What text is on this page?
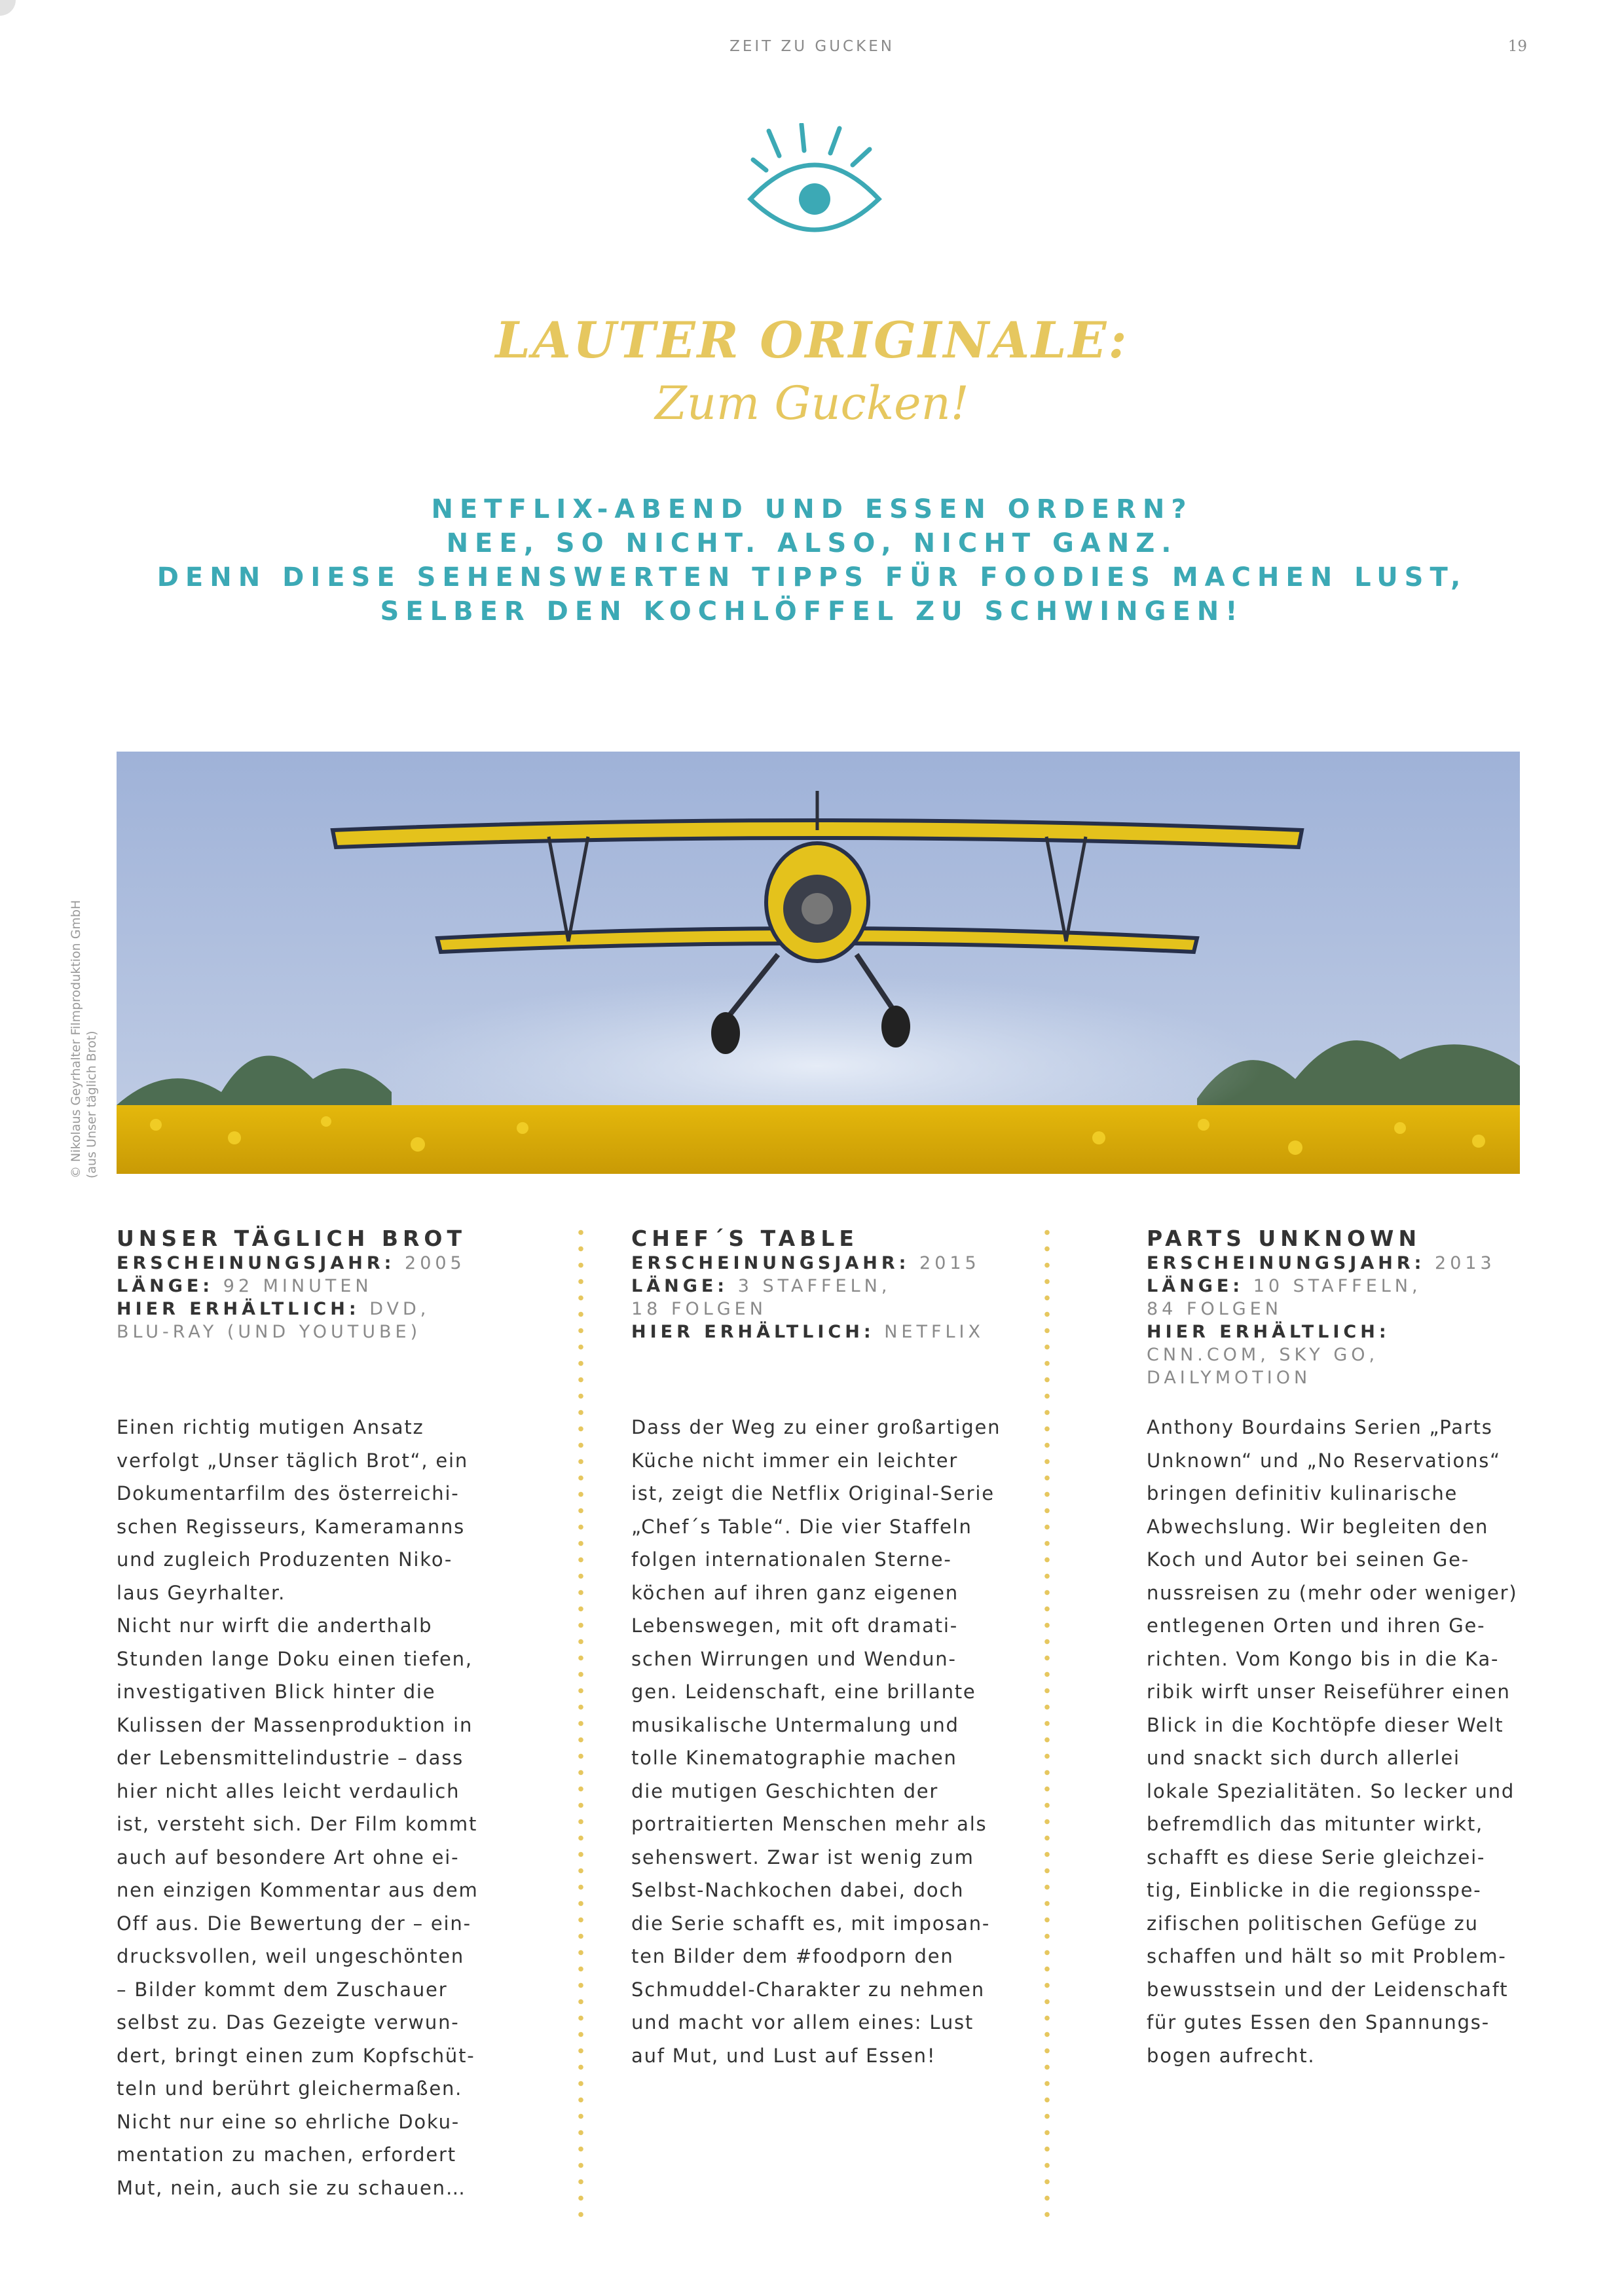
ZEIT ZU GUCKEN	19
LAUTER ORIGINALE:
Zum Gucken!
NETFLIX-ABEND UND ESSEN ORDERN?
NEE, SO NICHT. ALSO, NICHT GANZ.
DENN DIESE SEHENSWERTEN TIPPS FÜR FOODIES MACHEN LUST,
SELBER DEN KOCHLÖFFEL ZU SCHWINGEN!
© Nikolaus Geyrhalter Filmproduktion GmbH (aus Unser täglich Brot)
UNSER TÄGLICH BROT
ERSCHEINUNGSJAHR: 2005
LÄNGE: 92 MINUTEN
HIER ERHÄLTLICH: DVD,
BLU-RAY (UND YOUTUBE)
Einen richtig mutigen Ansatz
verfolgt „Unser täglich Brot“, ein
Dokumentarfilm des österreichi-
schen Regisseurs, Kameramanns
und zugleich Produzenten Niko-
laus Geyrhalter.
Nicht nur wirft die anderthalb
Stunden lange Doku einen tiefen,
investigativen Blick hinter die
Kulissen der Massenproduktion in
der Lebensmittelindustrie – dass
hier nicht alles leicht verdaulich
ist, versteht sich. Der Film kommt
auch auf besondere Art ohne ei-
nen einzigen Kommentar aus dem
Off aus. Die Bewertung der – ein-
drucksvollen, weil ungeschönten
– Bilder kommt dem Zuschauer
selbst zu. Das Gezeigte verwun-
dert, bringt einen zum Kopfschüt-
teln und berührt gleichermaßen.
Nicht nur eine so ehrliche Doku-
mentation zu machen, erfordert
Mut, nein, auch sie zu schauen…
CHEF´S TABLE
ERSCHEINUNGSJAHR: 2015
LÄNGE: 3 STAFFELN,
18 FOLGEN
HIER ERHÄLTLICH: NETFLIX
Dass der Weg zu einer großartigen
Küche nicht immer ein leichter
ist, zeigt die Netflix Original-Serie
„Chef´s Table“. Die vier Staffeln
folgen internationalen Sterne-
köchen auf ihren ganz eigenen
Lebenswegen, mit oft dramati-
schen Wirrungen und Wendun-
gen. Leidenschaft, eine brillante
musikalische Untermalung und
tolle Kinematographie machen
die mutigen Geschichten der
portraitierten Menschen mehr als
sehenswert. Zwar ist wenig zum
Selbst-Nachkochen dabei, doch
die Serie schafft es, mit imposan-
ten Bilder dem #foodporn den
Schmuddel-Charakter zu nehmen
und macht vor allem eines: Lust
auf Mut, und Lust auf Essen!
PARTS UNKNOWN
ERSCHEINUNGSJAHR: 2013
LÄNGE: 10 STAFFELN,
84 FOLGEN
HIER ERHÄLTLICH:
CNN.COM, SKY GO,
DAILYMOTION
Anthony Bourdains Serien „Parts
Unknown“ und „No Reservations“
bringen definitiv kulinarische
Abwechslung. Wir begleiten den
Koch und Autor bei seinen Ge-
nussreisen zu (mehr oder weniger)
entlegenen Orten und ihren Ge-
richten. Vom Kongo bis in die Ka-
ribik wirft unser Reiseführer einen
Blick in die Kochtöpfe dieser Welt
und snackt sich durch allerlei
lokale Spezialitäten. So lecker und
befremdlich das mitunter wirkt,
schafft es diese Serie gleichzei-
tig, Einblicke in die regionsspe-
zifischen politischen Gefüge zu
schaffen und hält so mit Problem-
bewusstsein und der Leidenschaft
für gutes Essen den Spannungs-
bogen aufrecht.
